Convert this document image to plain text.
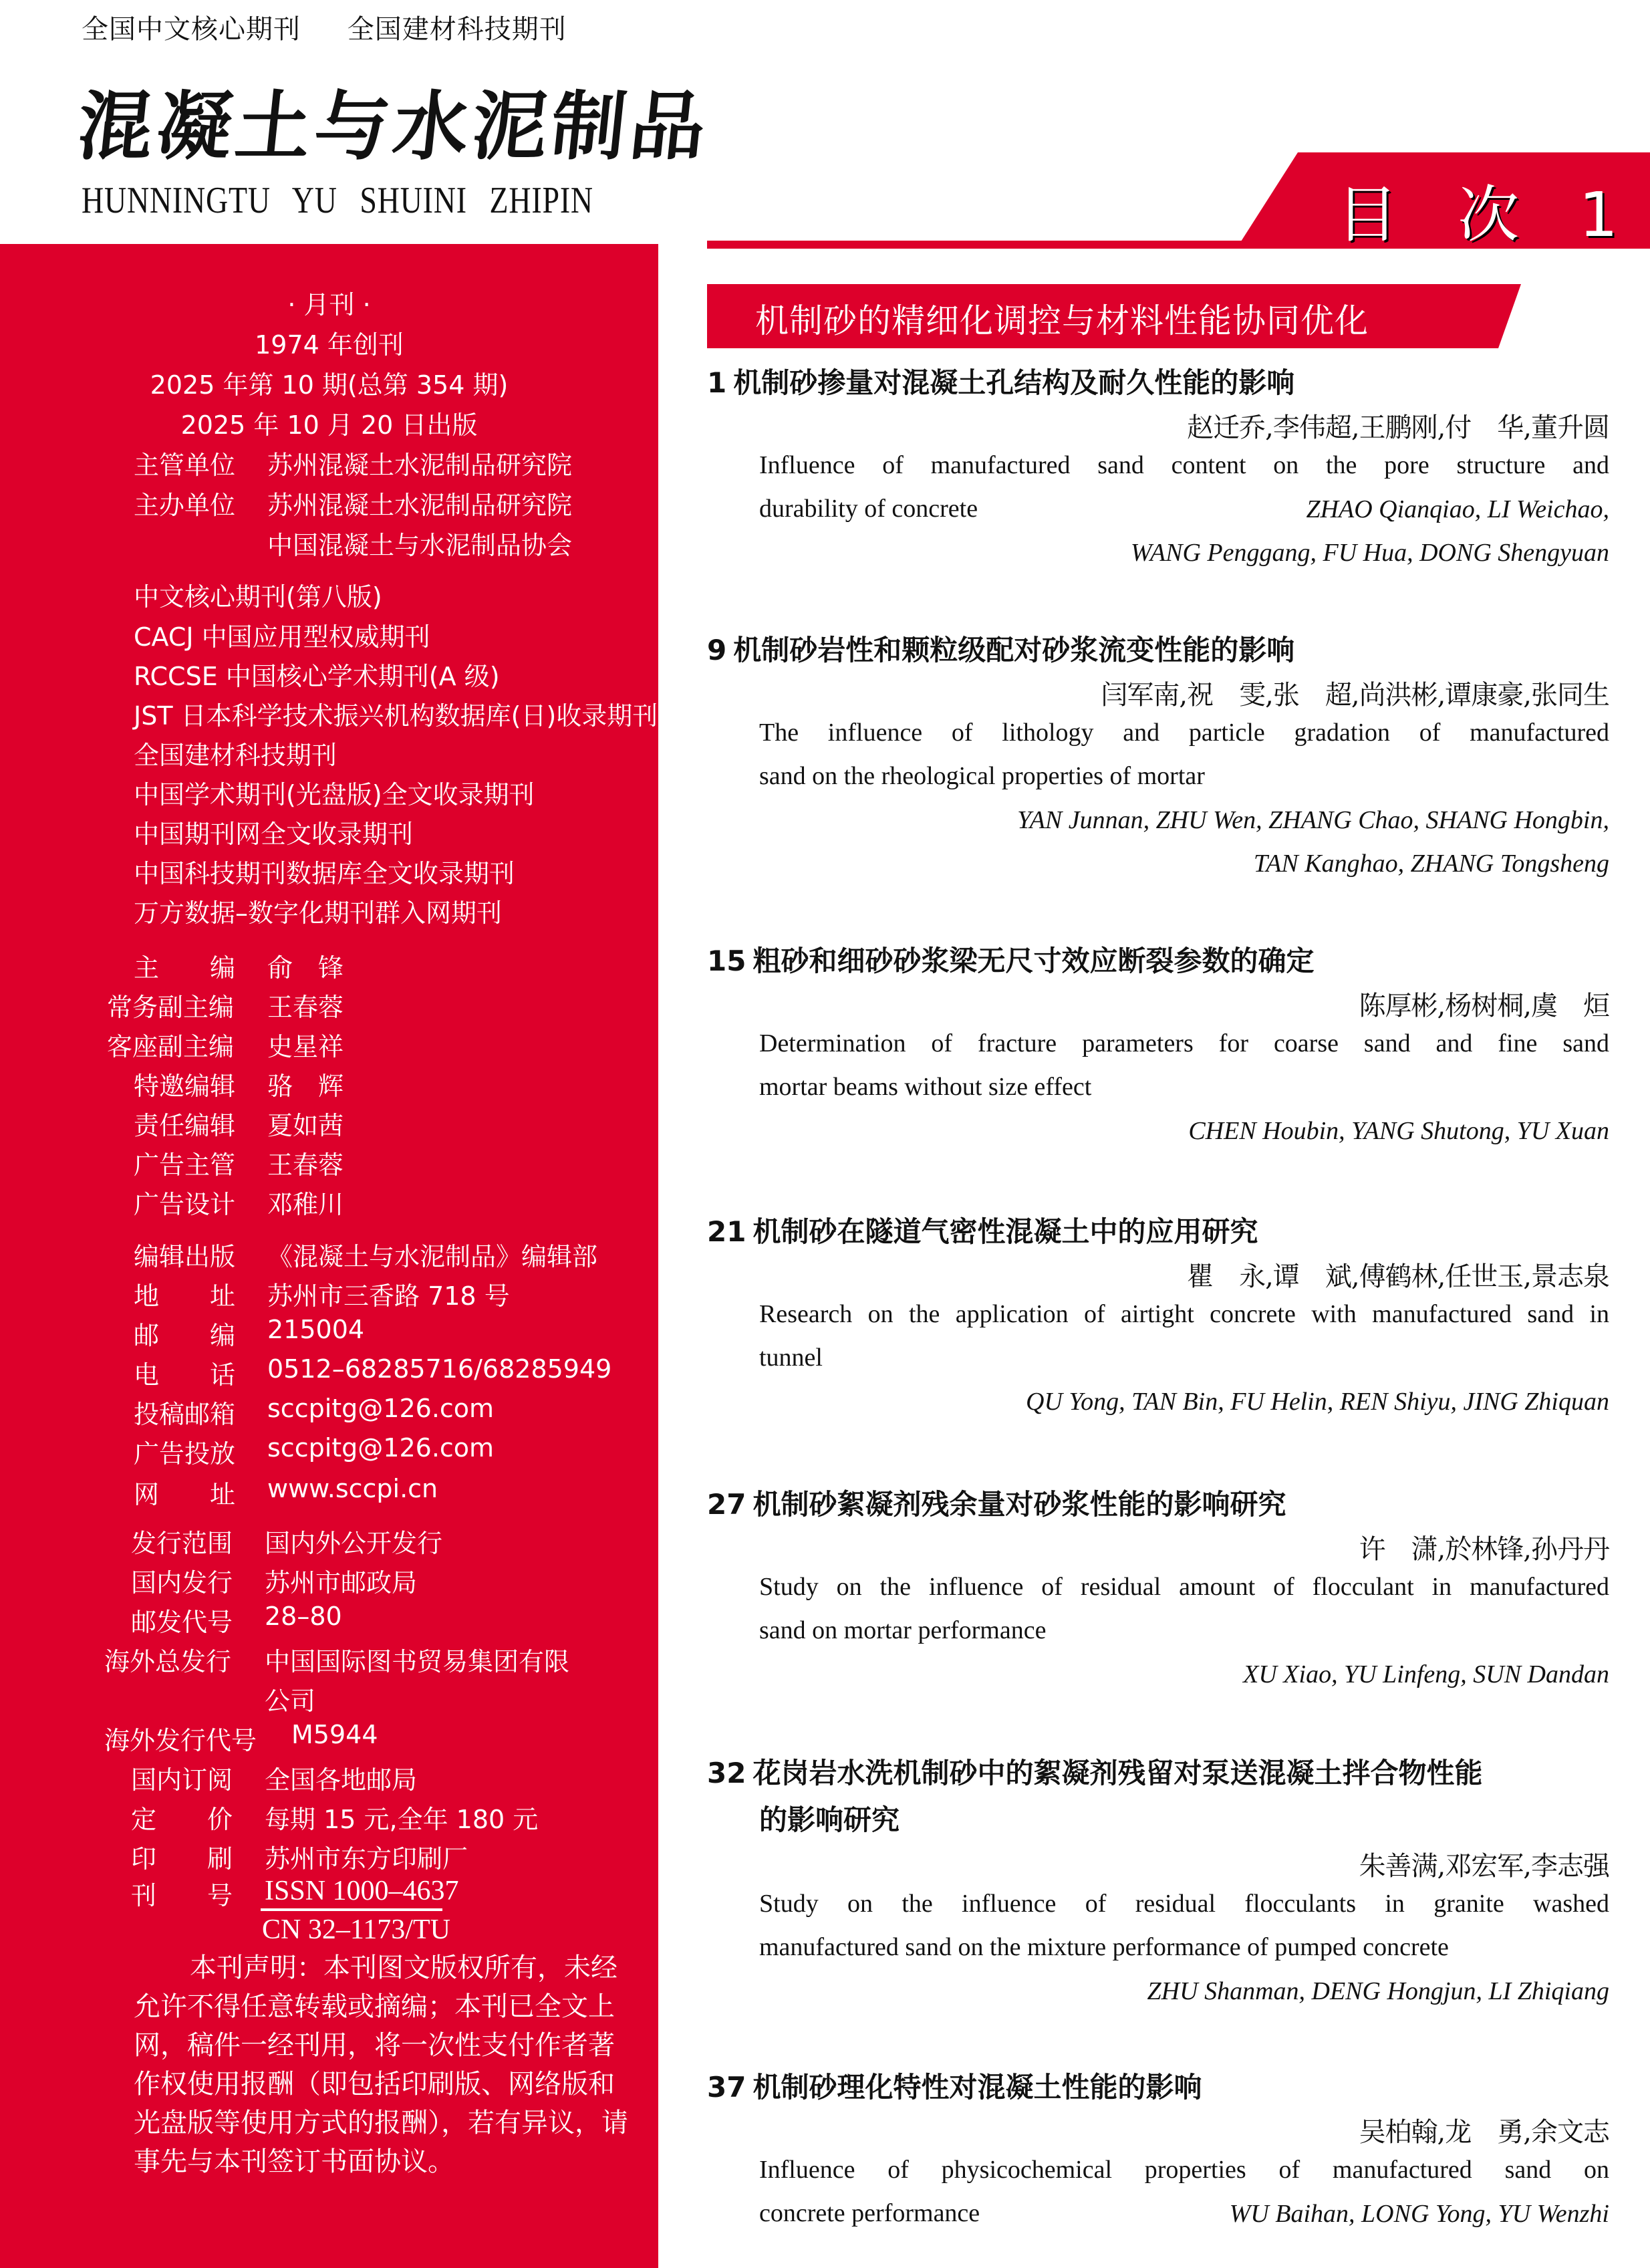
全国中文核心期刊 全国建材科技期刊
混凝土与水泥制品
HUNNINGTU YU SHUINI ZHIPIN	目 次 1
机制砂的精细化调控与材料性能协同优化
· 月刊 ·
1974 年创刊
2025 年第 10 期(总第 354 期)
2025 年 10 月 20 日出版
主管单位	苏州混凝土水泥制品研究院
主办单位	苏州混凝土水泥制品研究院
中国混凝土与水泥制品协会
中文核心期刊(第八版)
CACJ 中国应用型权威期刊
RCCSE 中国核心学术期刊(A 级)
JST 日本科学技术振兴机构数据库(日)收录期刊
全国建材科技期刊
中国学术期刊(光盘版)全文收录期刊
中国期刊网全文收录期刊
中国科技期刊数据库全文收录期刊
万方数据–数字化期刊群入网期刊
主　　编	俞　锋
常务副主编	王春蓉
客座副主编	史星祥
特邀编辑	骆　辉
责任编辑	夏如茜
广告主管	王春蓉
广告设计	邓稚川
编辑出版	《混凝土与水泥制品》编辑部
地　　址	苏州市三香路 718 号
邮　　编	215004
电　　话	0512–68285716/68285949
投稿邮箱	sccpitg@126.com
广告投放	sccpitg@126.com
网　　址	www.sccpi.cn
发行范围	国内外公开发行
国内发行	苏州市邮政局
邮发代号	28–80
海外总发行	中国国际图书贸易集团有限
公司
海外发行代号	M5944
国内订阅	全国各地邮局
定　　价	每期 15 元,全年 180 元
印　　刷	苏州市东方印刷厂
刊　　号	ISSN 1000–4637
CN 32–1173/TU
本刊声明：本刊图文版权所有，未经
允许不得任意转载或摘编；本刊已全文上
网，稿件一经刊用，将一次性支付作者著
作权使用报酬（即包括印刷版、网络版和
光盘版等使用方式的报酬），若有异议，请
事先与本刊签订书面协议。
1 机制砂掺量对混凝土孔结构及耐久性能的影响
赵迁乔,李伟超,王鹏刚,付　华,董升圆
Influence of manufactured sand content on the pore structure and
durability of concrete	ZHAO Qianqiao, LI Weichao,
WANG Penggang, FU Hua, DONG Shengyuan
9 机制砂岩性和颗粒级配对砂浆流变性能的影响
闫军南,祝　雯,张　超,尚洪彬,谭康豪,张同生
The influence of lithology and particle gradation of manufactured
sand on the rheological properties of mortar
YAN Junnan, ZHU Wen, ZHANG Chao, SHANG Hongbin,
TAN Kanghao, ZHANG Tongsheng
15 粗砂和细砂砂浆梁无尺寸效应断裂参数的确定
陈厚彬,杨树桐,虞　烜
Determination of fracture parameters for coarse sand and fine sand
mortar beams without size effect
CHEN Houbin, YANG Shutong, YU Xuan
21 机制砂在隧道气密性混凝土中的应用研究
瞿　永,谭　斌,傅鹤林,任世玉,景志泉
Research on the application of airtight concrete with manufactured sand in
tunnel
QU Yong, TAN Bin, FU Helin, REN Shiyu, JING Zhiquan
27 机制砂絮凝剂残余量对砂浆性能的影响研究
许　潇,於林锋,孙丹丹
Study on the influence of residual amount of flocculant in manufactured
sand on mortar performance
XU Xiao, YU Linfeng, SUN Dandan
32 花岗岩水洗机制砂中的絮凝剂残留对泵送混凝土拌合物性能
的影响研究
朱善满,邓宏军,李志强
Study on the influence of residual flocculants in granite washed
manufactured sand on the mixture performance of pumped concrete
ZHU Shanman, DENG Hongjun, LI Zhiqiang
37 机制砂理化特性对混凝土性能的影响
吴柏翰,龙　勇,余文志
Influence of physicochemical properties of manufactured sand on
concrete performance	WU Baihan, LONG Yong, YU Wenzhi
